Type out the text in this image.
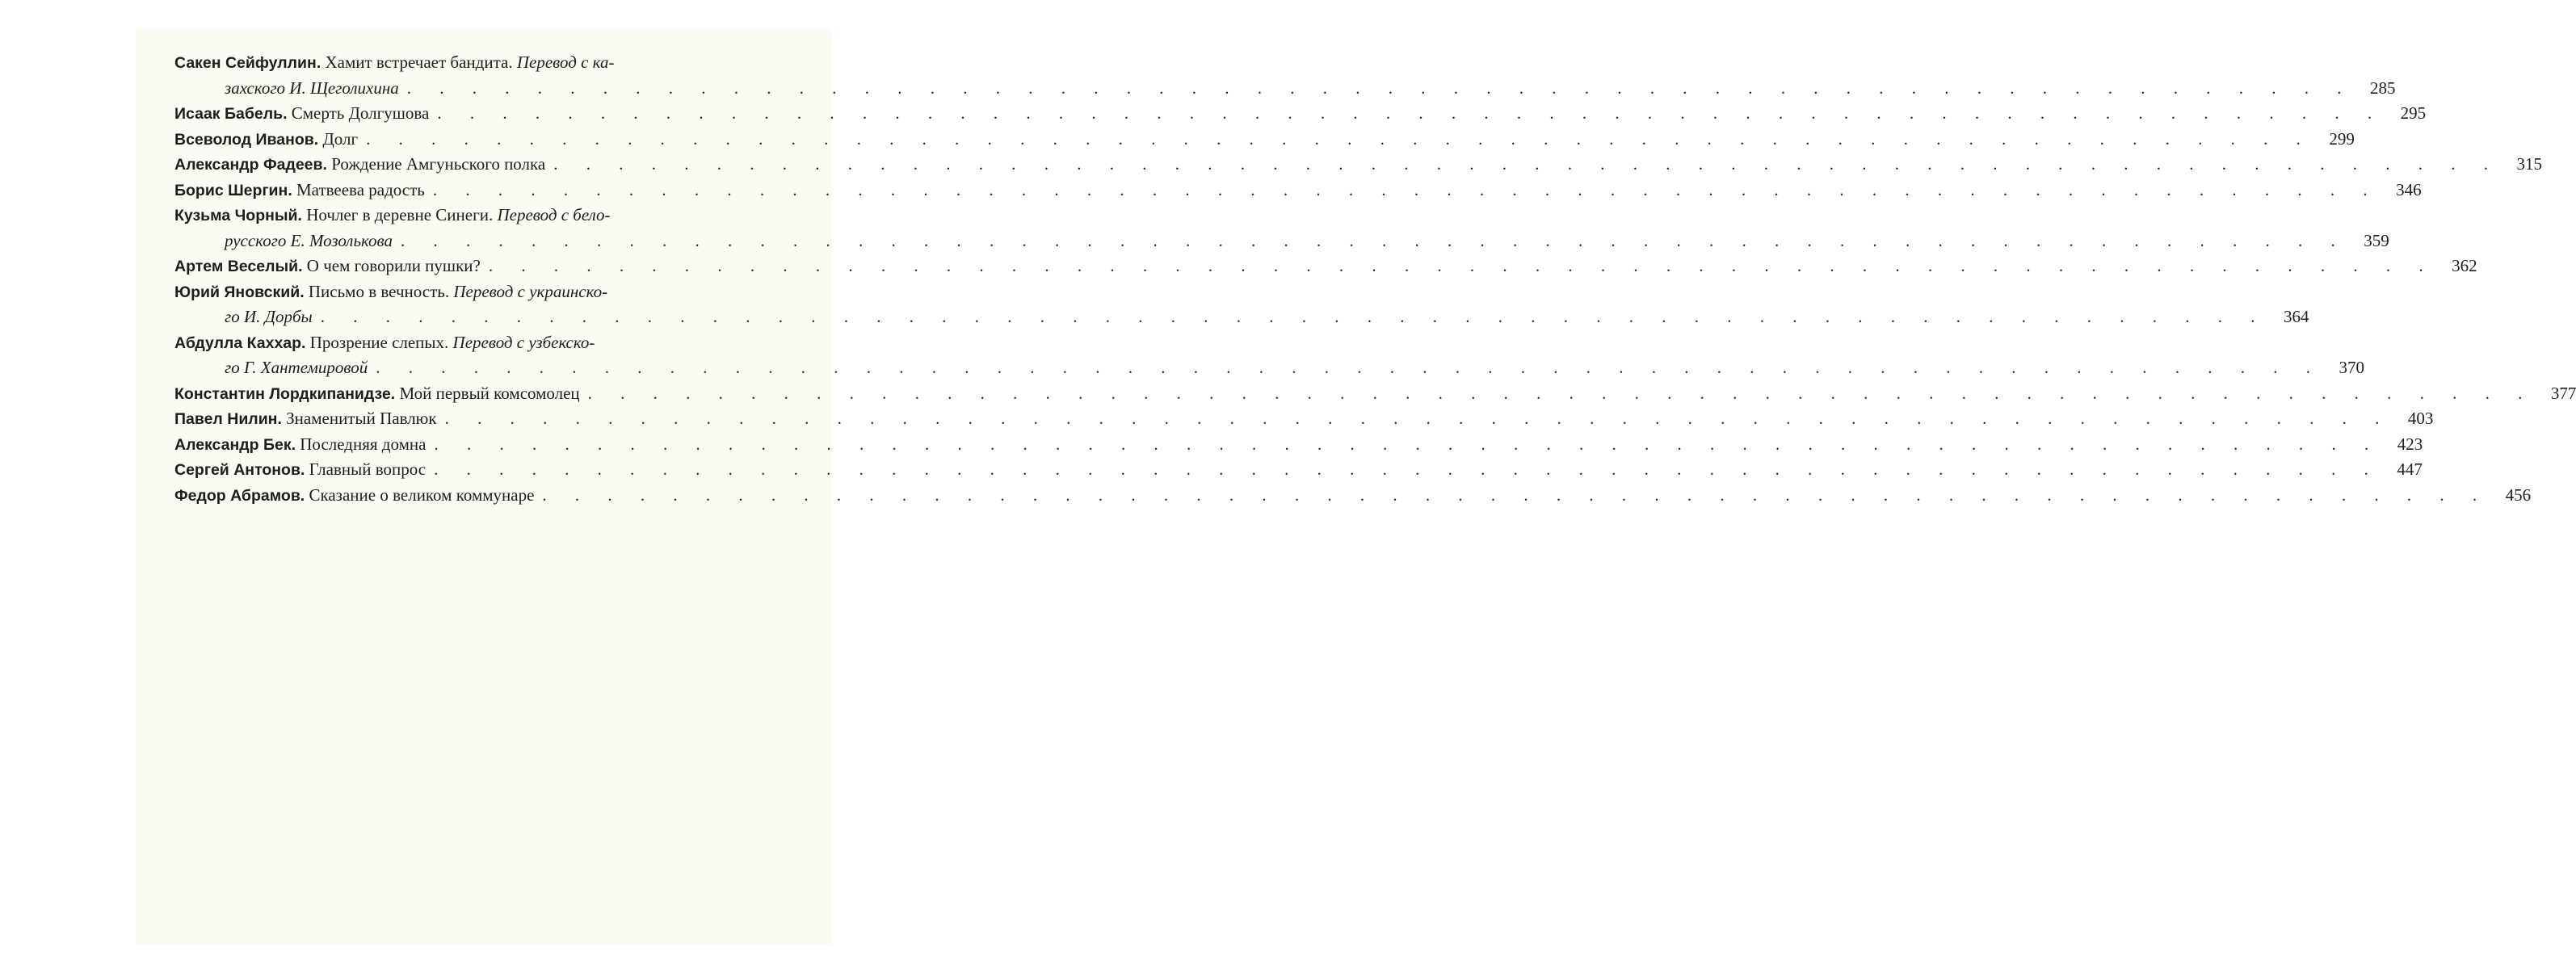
Сакен Сейфуллин. Хамит встречает бандита. Перевод с ка-
захского И. Щеголихина . . .	285
Исаак Бабель. Смерть Долгушова . . .	295
Всеволод Иванов. Долг . . .	299
Александр Фадеев. Рождение Амгуньского полка . . .	315
Борис Шергин. Матвеева радость . . .	346
Кузьма Чорный. Ночлег в деревне Синеги. Перевод с бело-
русского Е. Мозолькова . . .	359
Артем Веселый. О чем говорили пушки? . . .	362
Юрий Яновский. Письмо в вечность. Перевод с украинско-
го И. Дорбы . . .	364
Абдулла Каххар. Прозрение слепых. Перевод с узбекско-
го Г. Хантемировой . . .	370
Константин Лордкипанидзе. Мой первый комсомолец . . .	377
Павел Нилин. Знаменитый Павлюк . . .	403
Александр Бек. Последняя домна . . .	423
Сергей Антонов. Главный вопрос . . .	447
Федор Абрамов. Сказание о великом коммунаре . . .	456
